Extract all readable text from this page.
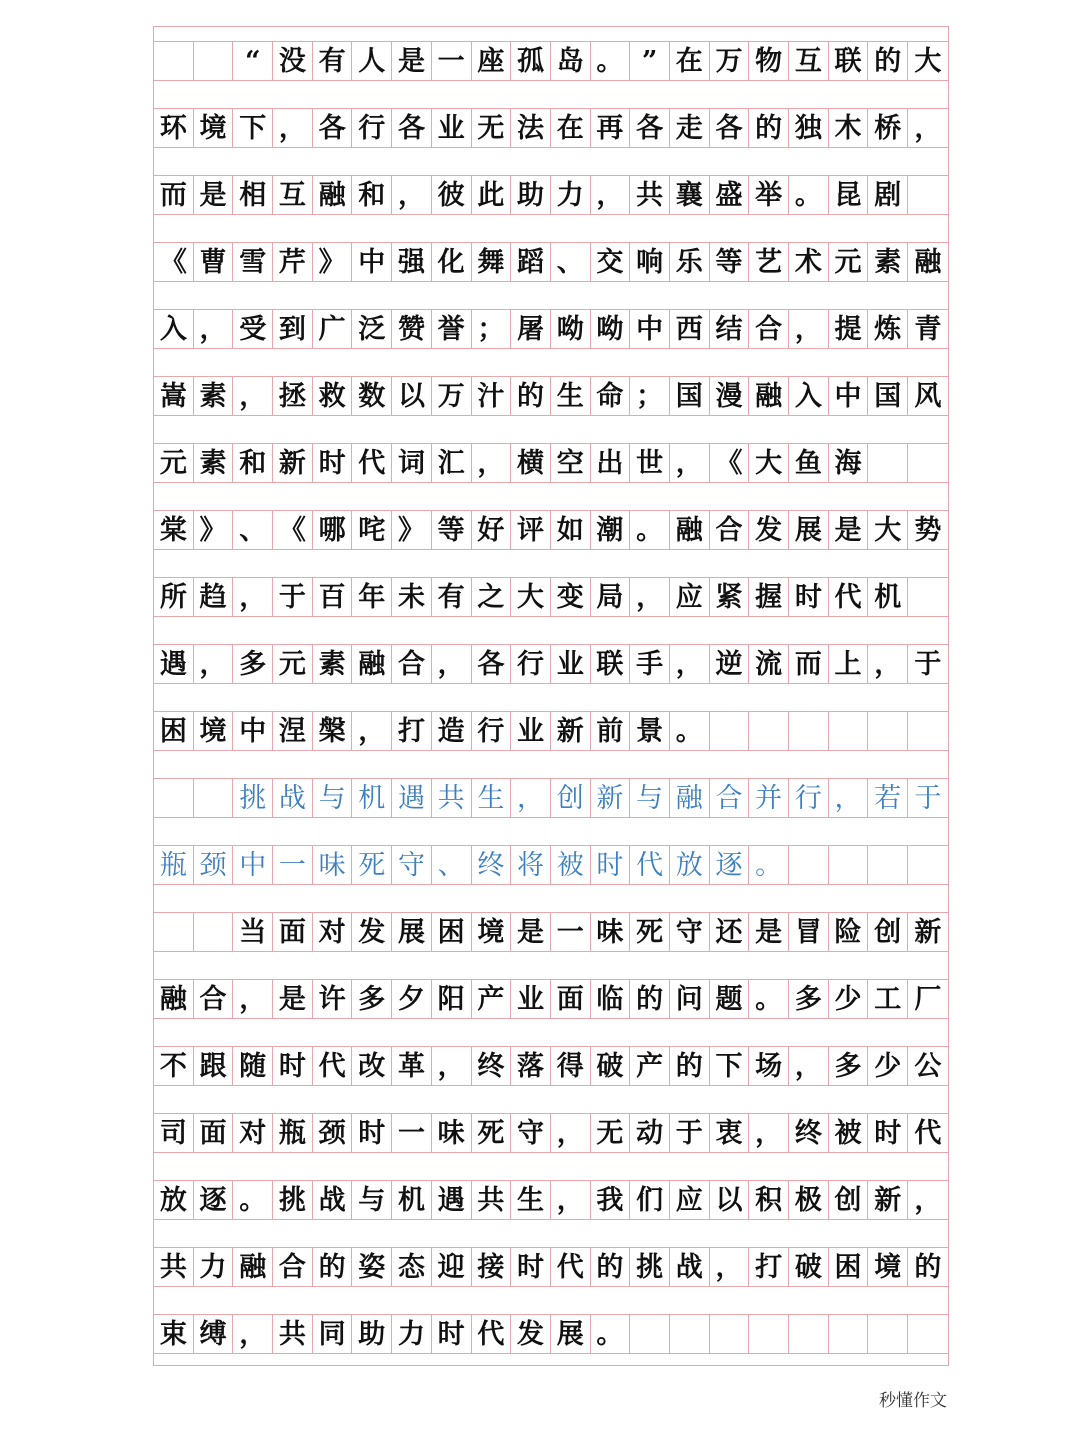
“ 没 有 人 是 一 座 孤 岛 。 ” 在 万 物 互 联 的 大
环 境 下 ， 各 行 各 业 无 法 在 再 各 走 各 的 独 木 桥 ，
而 是 相 互 融 和 ， 彼 此 助 力 ， 共 襄 盛 举 。 昆 剧
《 曹 雪 芹 》 中 强 化 舞 蹈 、 交 响 乐 等 艺 术 元 素 融
入 ， 受 到 广 泛 赞 誉 ； 屠 呦 呦 中 西 结 合 ， 提 炼 青
嵩 素 ， 拯 救 数 以 万 汁 的 生 命 ； 国 漫 融 入 中 国 风
元 素 和 新 时 代 词 汇 ， 横 空 出 世 ， 《 大 鱼 海
棠 》 、 《 哪 咤 》 等 好 评 如 潮 。 融 合 发 展 是 大 势
所 趋 ， 于 百 年 未 有 之 大 变 局 ， 应 紧 握 时 代 机
遇 ， 多 元 素 融 合 ， 各 行 业 联 手 ， 逆 流 而 上 ， 于
困 境 中 涅 槃 ， 打 造 行 业 新 前 景 。
挑 战 与 机 遇 共 生 ， 创 新 与 融 合 并 行 ， 若 于
瓶 颈 中 一 味 死 守 、 终 将 被 时 代 放 逐 。
当 面 对 发 展 困 境 是 一 味 死 守 还 是 冒 险 创 新
融 合 ， 是 许 多 夕 阳 产 业 面 临 的 问 题 。 多 少 工 厂
不 跟 随 时 代 改 革 ， 终 落 得 破 产 的 下 场 ， 多 少 公
司 面 对 瓶 颈 时 一 味 死 守 ， 无 动 于 衷 ， 终 被 时 代
放 逐 。 挑 战 与 机 遇 共 生 ， 我 们 应 以 积 极 创 新 ，
共 力 融 合 的 姿 态 迎 接 时 代 的 挑 战 ， 打 破 困 境 的
束 缚 ， 共 同 助 力 时 代 发 展 。
秒懂作文
